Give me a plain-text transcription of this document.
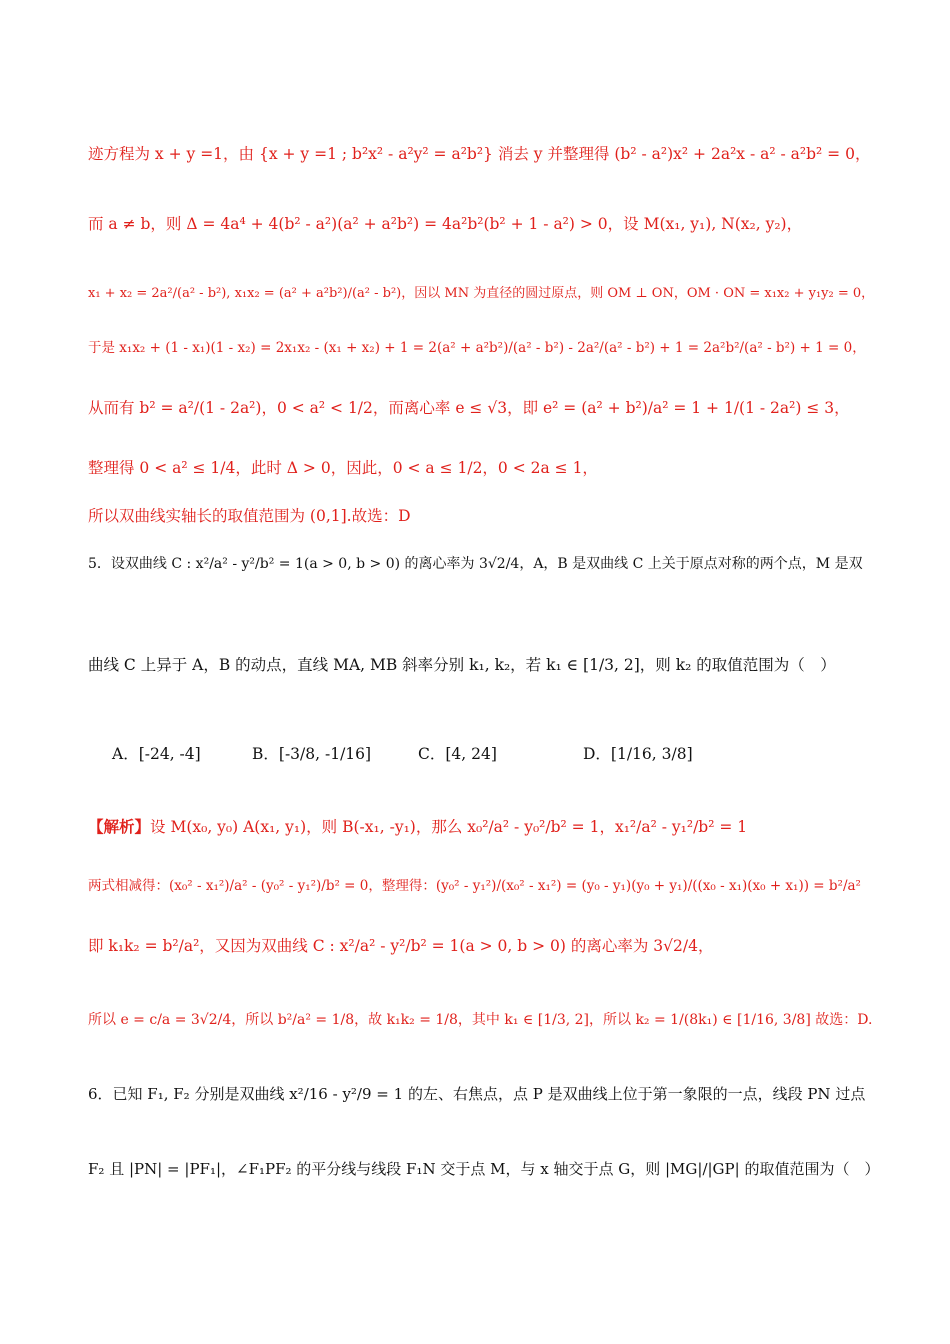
迹方程为 x + y =1，由 {x + y =1 ; b²x² - a²y² = a²b²} 消去 y 并整理得 (b² - a²)x² + 2a²x - a² - a²b² = 0，
而 a ≠ b，则 Δ = 4a⁴ + 4(b² - a²)(a² + a²b²) = 4a²b²(b² + 1 - a²) > 0，设 M(x₁, y₁), N(x₂, y₂)，
x₁ + x₂ = 2a²/(a² - b²), x₁x₂ = (a² + a²b²)/(a² - b²)，因以 MN 为直径的圆过原点，则 OM ⊥ ON，OM · ON = x₁x₂ + y₁y₂ = 0，
于是 x₁x₂ + (1 - x₁)(1 - x₂) = 2x₁x₂ - (x₁ + x₂) + 1 = 2(a² + a²b²)/(a² - b²) - 2a²/(a² - b²) + 1 = 2a²b²/(a² - b²) + 1 = 0，
从而有 b² = a²/(1 - 2a²)，0 < a² < 1/2，而离心率 e ≤ √3，即 e² = (a² + b²)/a² = 1 + 1/(1 - 2a²) ≤ 3，
整理得 0 < a² ≤ 1/4，此时 Δ > 0，因此，0 < a ≤ 1/2，0 < 2a ≤ 1，
所以双曲线实轴长的取值范围为 (0,1].故选：D
5．设双曲线 C : x²/a² - y²/b² = 1(a > 0, b > 0) 的离心率为 3√2/4，A，B 是双曲线 C 上关于原点对称的两个点，M 是双
曲线 C 上异于 A，B 的动点，直线 MA, MB 斜率分别 k₁, k₂，若 k₁ ∈ [1/3, 2]，则 k₂ 的取值范围为（　）
A．[-24, -4]	B．[-3/8, -1/16]	C．[4, 24]	D．[1/16, 3/8]
【解析】设 M(x₀, y₀) A(x₁, y₁)，则 B(-x₁, -y₁)，那么 x₀²/a² - y₀²/b² = 1，x₁²/a² - y₁²/b² = 1
两式相减得：(x₀² - x₁²)/a² - (y₀² - y₁²)/b² = 0，整理得：(y₀² - y₁²)/(x₀² - x₁²) = (y₀ - y₁)(y₀ + y₁)/((x₀ - x₁)(x₀ + x₁)) = b²/a²
即 k₁k₂ = b²/a²，又因为双曲线 C : x²/a² - y²/b² = 1(a > 0, b > 0) 的离心率为 3√2/4，
所以 e = c/a = 3√2/4，所以 b²/a² = 1/8，故 k₁k₂ = 1/8，其中 k₁ ∈ [1/3, 2]，所以 k₂ = 1/(8k₁) ∈ [1/16, 3/8] 故选：D.
6．已知 F₁, F₂ 分别是双曲线 x²/16 - y²/9 = 1 的左、右焦点，点 P 是双曲线上位于第一象限的一点，线段 PN 过点
F₂ 且 |PN| = |PF₁|，∠F₁PF₂ 的平分线与线段 F₁N 交于点 M，与 x 轴交于点 G，则 |MG|/|GP| 的取值范围为（　）
